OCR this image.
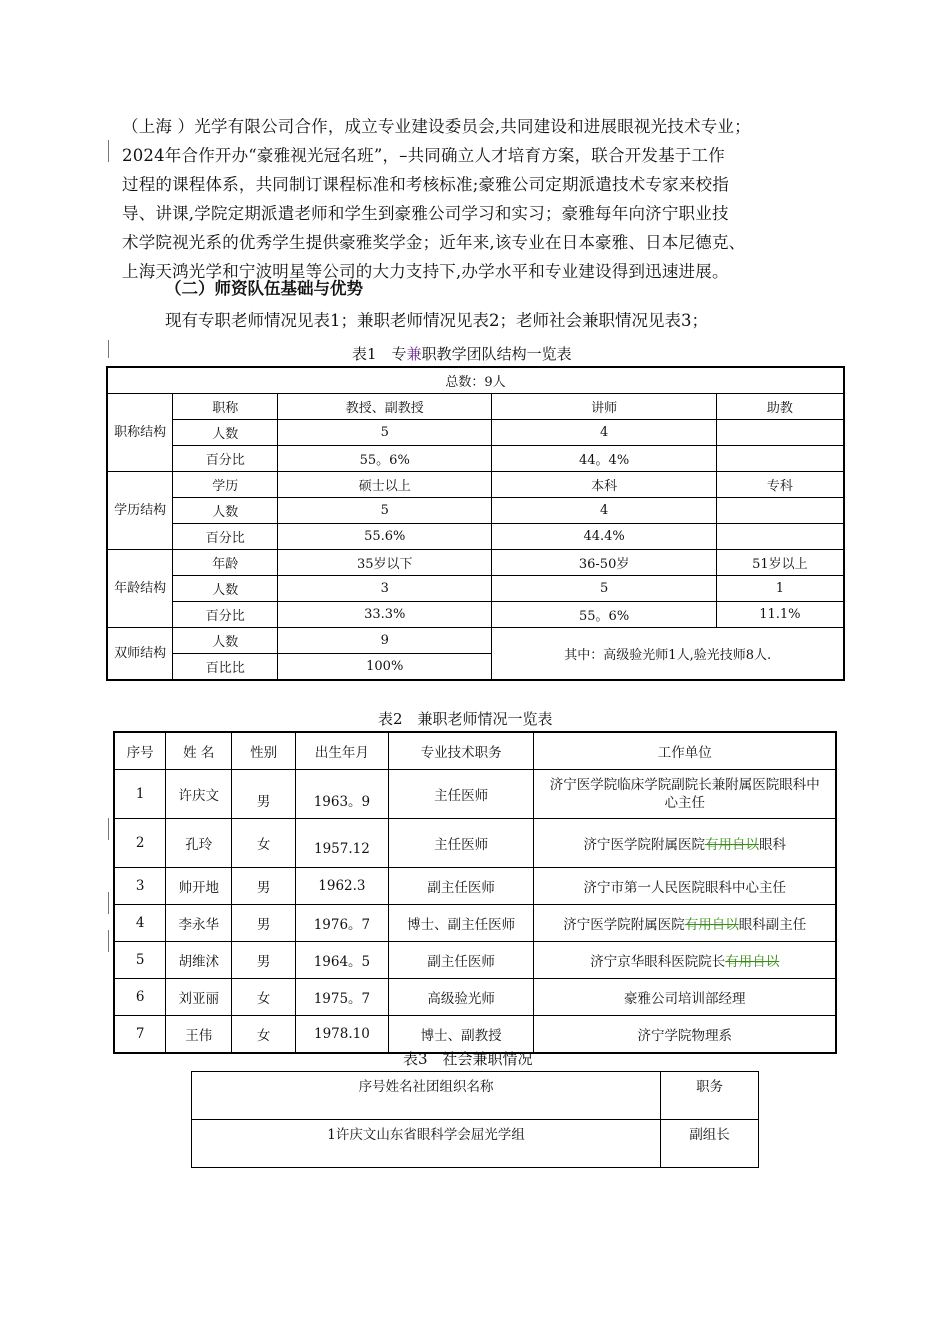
（上海 ）光学有限公司合作，成立专业建设委员会,共同建设和进展眼视光技术专业；
2024年合作开办“豪雅视光冠名班”，–共同确立人才培育方案，联合开发基于工作
过程的课程体系，共同制订课程标准和考核标准;豪雅公司定期派遣技术专家来校指
导、讲课,学院定期派遣老师和学生到豪雅公司学习和实习；豪雅每年向济宁职业技
术学院视光系的优秀学生提供豪雅奖学金；近年来,该专业在日本豪雅、日本尼德克、
上海天鸿光学和宁波明星等公司的大力支持下,办学水平和专业建设得到迅速进展。
（二）师资队伍基础与优势
现有专职老师情况见表1；兼职老师情况见表2；老师社会兼职情况见表3；
表1　专兼职教学团队结构一览表
总数：9人				
职称结构	职称	教授、副教授	讲师	助教
	人数	5	4	
	百分比	55。6%	44。4%	
学历结构	学历	硕士以上	本科	专科
	人数	5	4	
	百分比	55.6%	44.4%	
年龄结构	年龄	35岁以下	36-50岁	51岁以上
	人数	3	5	1
	百分比	33.3%	55。6%	11.1%
双师结构	人数	9	其中：高级验光师1人,验光技师8人.	
	百比比	100%		
表2　兼职老师情况一览表
序号	姓 名	性别	出生年月	专业技术职务	工作单位
1	许庆文	男	1963。9	主任医师	济宁医学院临床学院副院长兼附属医院眼科中心主任
2	孔玲	女	1957.12	主任医师	济宁医学院附属医院有用自以眼科
3	帅开地	男	1962.3	副主任医师	济宁市第一人民医院眼科中心主任
4	李永华	男	1976。7	博士、副主任医师	济宁医学院附属医院有用自以眼科副主任
5	胡维沭	男	1964。5	副主任医师	济宁京华眼科医院院长有用自以
6	刘亚丽	女	1975。7	高级验光师	豪雅公司培训部经理
7	王伟	女	1978.10	博士、副教授	济宁学院物理系
表3　社会兼职情况
序号姓名社团组织名称	职务
1许庆文山东省眼科学会屈光学组	副组长
